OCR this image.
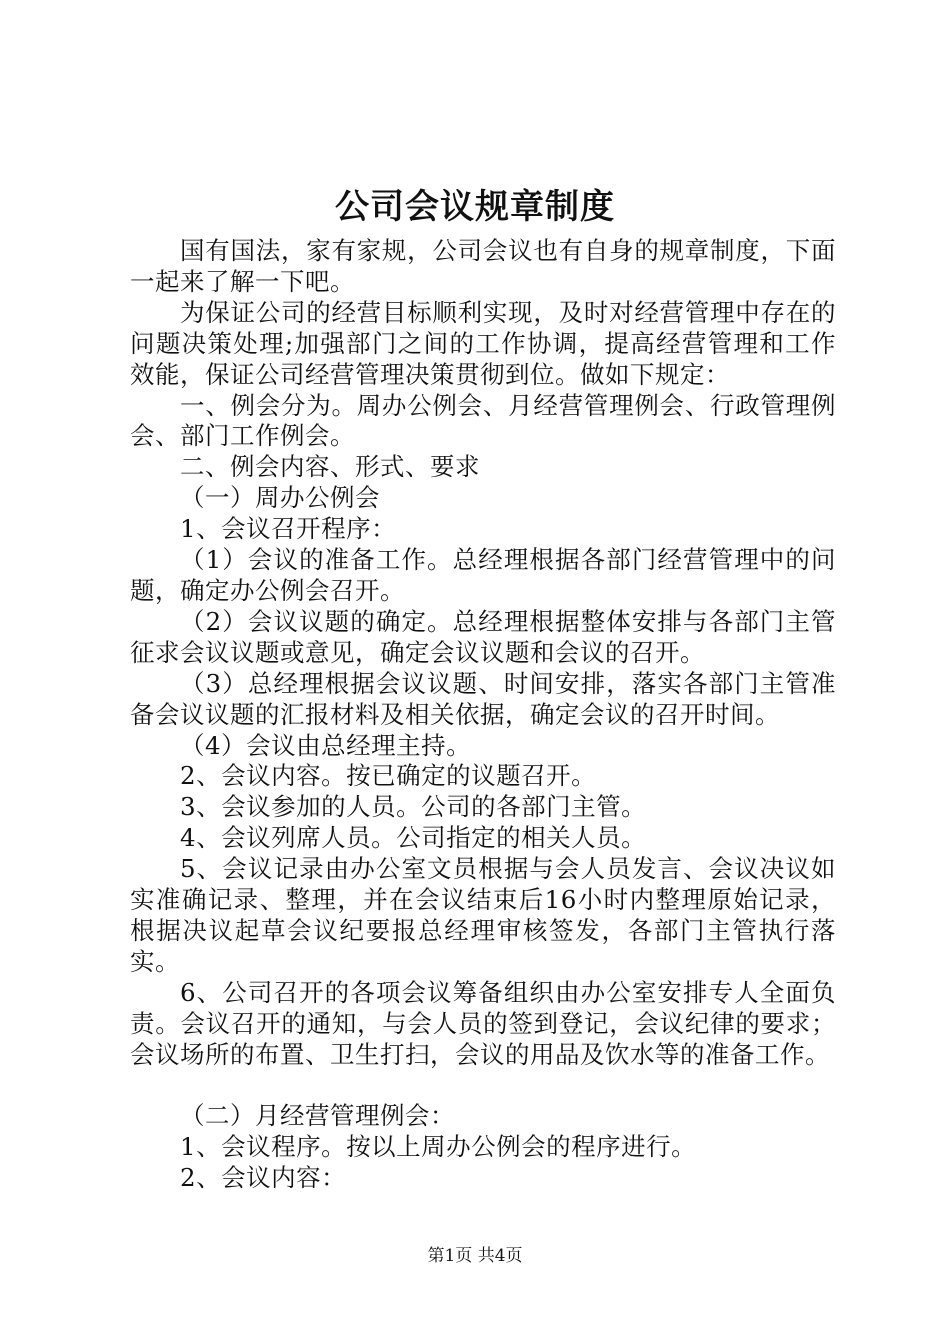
公司会议规章制度

国有国法，家有家规，公司会议也有自身的规章制度，下面一起来了解一下吧。

为保证公司的经营目标顺利实现，及时对经营管理中存在的问题决策处理;加强部门之间的工作协调，提高经营管理和工作效能，保证公司经营管理决策贯彻到位。做如下规定：

一、例会分为。周办公例会、月经营管理例会、行政管理例会、部门工作例会。

二、例会内容、形式、要求

（一）周办公例会

1、会议召开程序：

（1）会议的准备工作。总经理根据各部门经营管理中的问题，确定办公例会召开。

（2）会议议题的确定。总经理根据整体安排与各部门主管征求会议议题或意见，确定会议议题和会议的召开。

（3）总经理根据会议议题、时间安排，落实各部门主管准备会议议题的汇报材料及相关依据，确定会议的召开时间。

（4）会议由总经理主持。

2、会议内容。按已确定的议题召开。

3、会议参加的人员。公司的各部门主管。

4、会议列席人员。公司指定的相关人员。

5、会议记录由办公室文员根据与会人员发言、会议决议如实准确记录、整理，并在会议结束后16小时内整理原始记录，根据决议起草会议纪要报总经理审核签发，各部门主管执行落实。

6、公司召开的各项会议筹备组织由办公室安排专人全面负责。会议召开的通知，与会人员的签到登记，会议纪律的要求；会议场所的布置、卫生打扫，会议的用品及饮水等的准备工作。

（二）月经营管理例会：

1、会议程序。按以上周办公例会的程序进行。

2、会议内容：

第1页 共4页
